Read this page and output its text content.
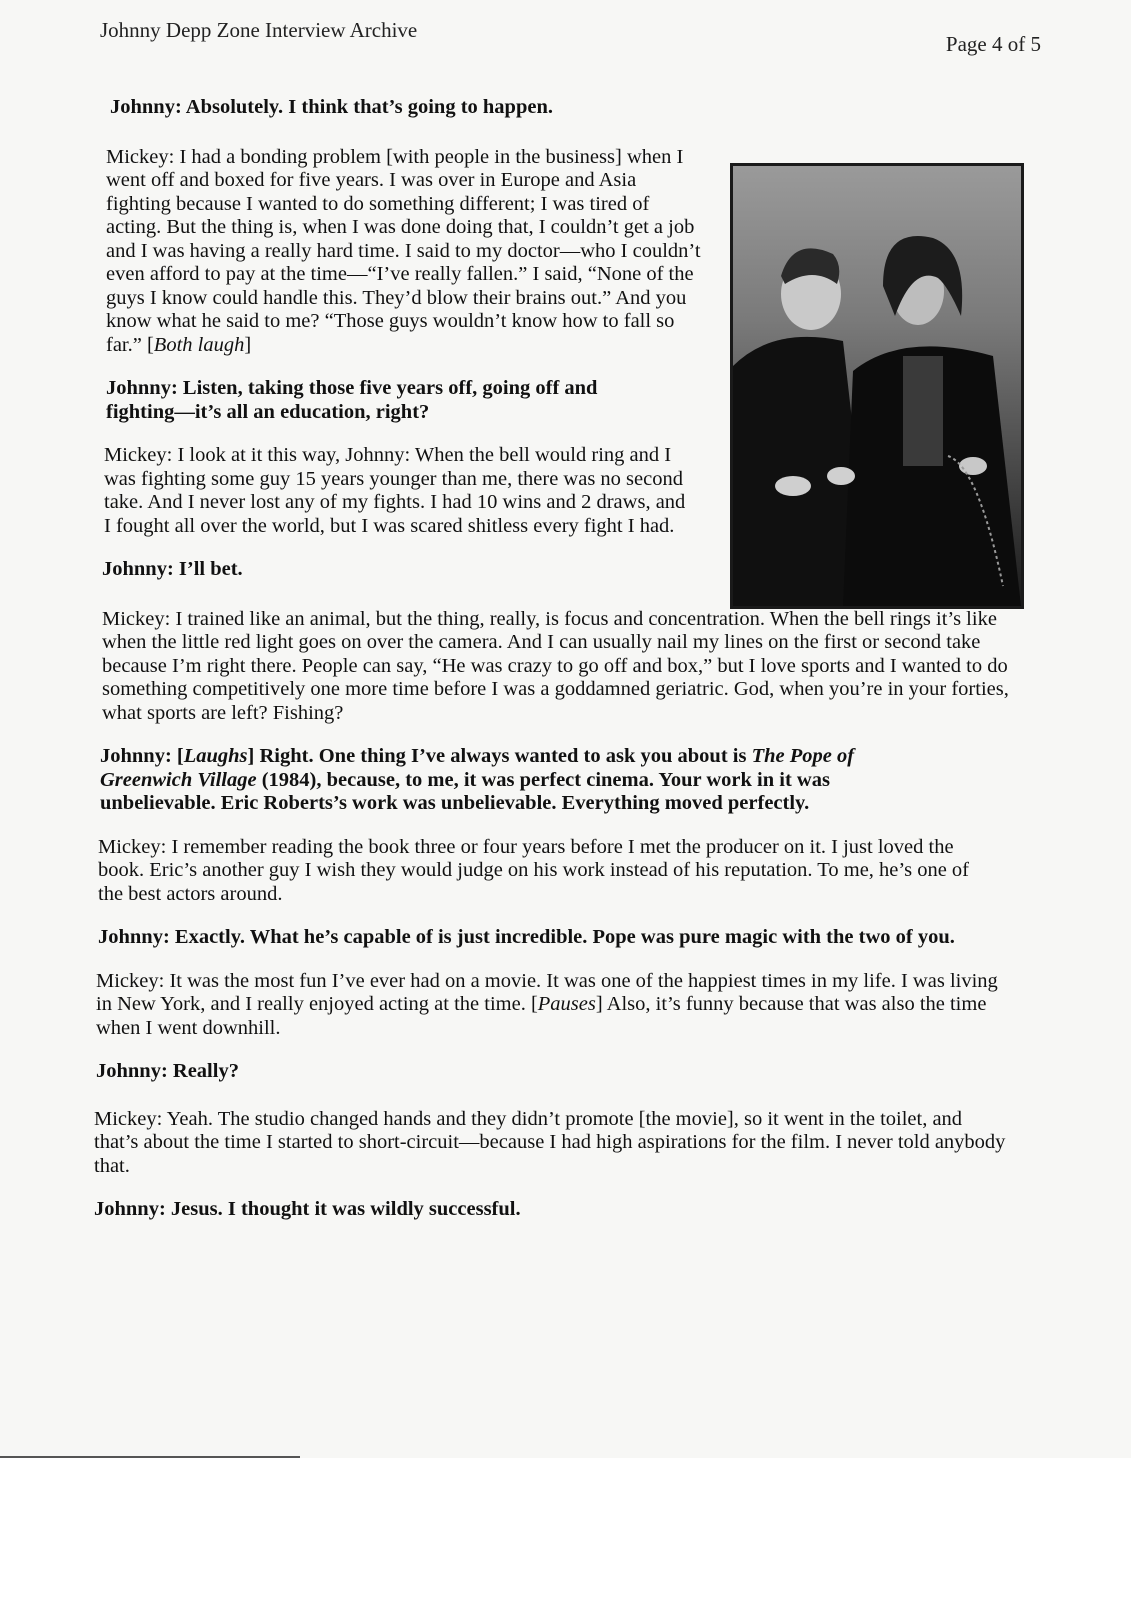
Johnny Depp Zone Interview Archive
Page 4 of 5

Johnny: Absolutely. I think that’s going to happen.

Mickey: I had a bonding problem [with people in the business] when I went off and boxed for five years. I was over in Europe and Asia fighting because I wanted to do something different; I was tired of acting. But the thing is, when I was done doing that, I couldn’t get a job and I was having a really hard time. I said to my doctor—who I couldn’t even afford to pay at the time—“I’ve really fallen.” I said, “None of the guys I know could handle this. They’d blow their brains out.” And you know what he said to me? “Those guys wouldn’t know how to fall so far.” [Both laugh]

Johnny: Listen, taking those five years off, going off and fighting—it’s all an education, right?

Mickey: I look at it this way, Johnny: When the bell would ring and I was fighting some guy 15 years younger than me, there was no second take. And I never lost any of my fights. I had 10 wins and 2 draws, and I fought all over the world, but I was scared shitless every fight I had.

Johnny: I’ll bet.

Mickey: I trained like an animal, but the thing, really, is focus and concentration. When the bell rings it’s like when the little red light goes on over the camera. And I can usually nail my lines on the first or second take because I’m right there. People can say, “He was crazy to go off and box,” but I love sports and I wanted to do something competitively one more time before I was a goddamned geriatric. God, when you’re in your forties, what sports are left? Fishing?

Johnny: [Laughs] Right. One thing I’ve always wanted to ask you about is The Pope of Greenwich Village (1984), because, to me, it was perfect cinema. Your work in it was unbelievable. Eric Roberts’s work was unbelievable. Everything moved perfectly.

Mickey: I remember reading the book three or four years before I met the producer on it. I just loved the book. Eric’s another guy I wish they would judge on his work instead of his reputation. To me, he’s one of the best actors around.

Johnny: Exactly. What he’s capable of is just incredible. Pope was pure magic with the two of you.

Mickey: It was the most fun I’ve ever had on a movie. It was one of the happiest times in my life. I was living in New York, and I really enjoyed acting at the time. [Pauses] Also, it’s funny because that was also the time when I went downhill.

Johnny: Really?

Mickey: Yeah. The studio changed hands and they didn’t promote [the movie], so it went in the toilet, and that’s about the time I started to short-circuit—because I had high aspirations for the film. I never told anybody that.

Johnny: Jesus. I thought it was wildly successful.
